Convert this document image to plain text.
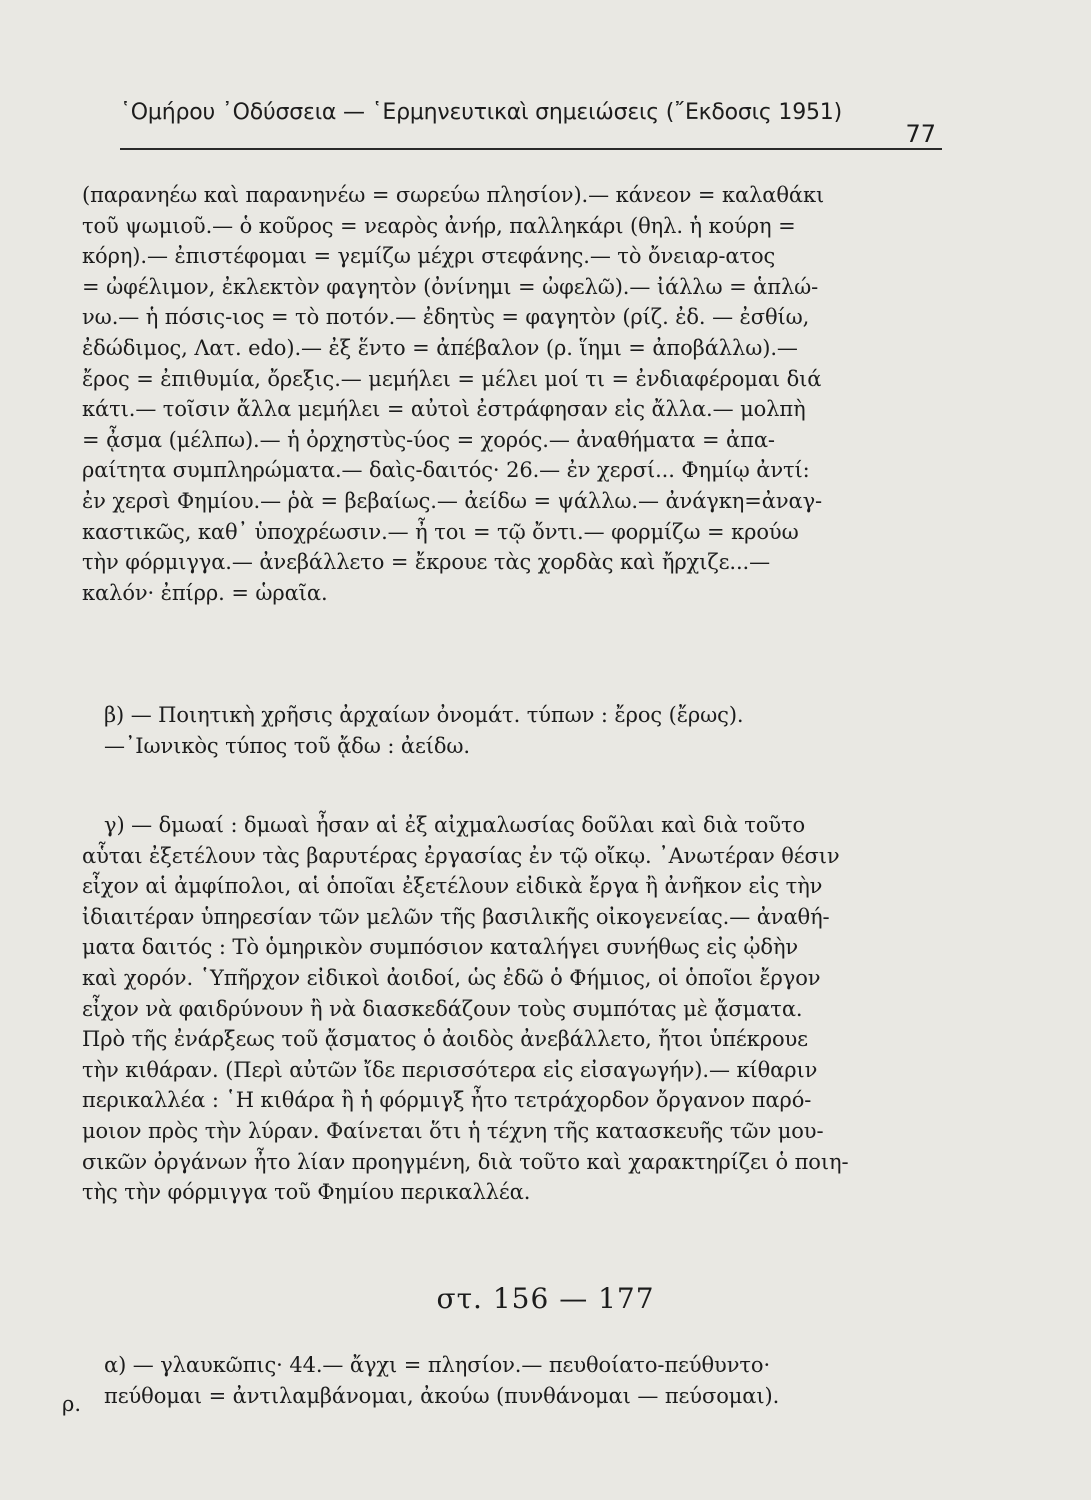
῾Ομήρου ᾿Οδύσσεια — ῾Ερμηνευτικαὶ σημειώσεις (῎Εκδοσις 1951)
77
(παρανηέω καὶ παρανηνέω = σωρεύω πλησίον).— κάνεον = καλαθάκι
τοῦ ψωμιοῦ.— ὁ κοῦρος = νεαρὸς ἀνήρ, παλληκάρι (θηλ. ἡ κούρη =
κόρη).— ἐπιστέφομαι = γεμίζω μέχρι στεφάνης.— τὸ ὄνειαρ-ατος
= ὠφέλιμον, ἐκλεκτὸν φαγητὸν (ὀνίνημι = ὠφελῶ).— ἰάλλω = ἁπλώ-
νω.— ἡ πόσις-ιος = τὸ ποτόν.— ἐδητὺς = φαγητὸν (ρίζ. ἐδ. — ἐσθίω,
ἐδώδιμος, Λατ. edo).— ἐξ ἕντο = ἀπέβαλον (ρ. ἵημι = ἀποβάλλω).—
ἔρος = ἐπιθυμία, ὄρεξις.— μεμήλει = μέλει μοί τι = ἐνδιαφέρομαι διά
κάτι.— τοῖσιν ἄλλα μεμήλει = αὐτοὶ ἐστράφησαν εἰς ἄλλα.— μολπὴ
= ᾆσμα (μέλπω).— ἡ ὀρχηστὺς-ύος = χορός.— ἀναθήματα = ἀπα-
ραίτητα συμπληρώματα.— δαὶς-δαιτός· 26.— ἐν χερσί... Φημίῳ ἀντί:
ἐν χερσὶ Φημίου.— ῥὰ = βεβαίως.— ἀείδω = ψάλλω.— ἀνάγκη=ἀναγ-
καστικῶς, καθ᾿ ὑποχρέωσιν.— ἦ τοι = τῷ ὄντι.— φορμίζω = κρούω
τὴν φόρμιγγα.— ἀνεβάλλετο = ἔκρουε τὰς χορδὰς καὶ ἤρχιζε...—
καλόν· ἐπίρρ. = ὡραῖα.
β) — Ποιητικὴ χρῆσις ἀρχαίων ὀνομάτ. τύπων : ἔρος (ἔρως).
—᾿Ιωνικὸς τύπος τοῦ ᾄδω : ἀείδω.
γ) — δμωαί : δμωαὶ ἦσαν αἱ ἐξ αἰχμαλωσίας δοῦλαι καὶ διὰ τοῦτο
αὗται ἐξετέλουν τὰς βαρυτέρας ἐργασίας ἐν τῷ οἴκῳ. ᾿Ανωτέραν θέσιν
εἶχον αἱ ἀμφίπολοι, αἱ ὁποῖαι ἐξετέλουν εἰδικὰ ἔργα ἢ ἀνῆκον εἰς τὴν
ἰδιαιτέραν ὑπηρεσίαν τῶν μελῶν τῆς βασιλικῆς οἰκογενείας.— ἀναθή-
ματα δαιτός : Τὸ ὁμηρικὸν συμπόσιον καταλήγει συνήθως εἰς ᾠδὴν
καὶ χορόν. ῾Υπῆρχον εἰδικοὶ ἀοιδοί, ὡς ἐδῶ ὁ Φήμιος, οἱ ὁποῖοι ἔργον
εἶχον νὰ φαιδρύνουν ἢ νὰ διασκεδάζουν τοὺς συμπότας μὲ ᾄσματα.
Πρὸ τῆς ἐνάρξεως τοῦ ᾄσματος ὁ ἀοιδὸς ἀνεβάλλετο, ἤτοι ὑπέκρουε
τὴν κιθάραν. (Περὶ αὐτῶν ἴδε περισσότερα εἰς εἰσαγωγήν).— κίθαριν
περικαλλέα : ῾Η κιθάρα ἢ ἡ φόρμιγξ ἦτο τετράχορδον ὄργανον παρό-
μοιον πρὸς τὴν λύραν. Φαίνεται ὅτι ἡ τέχνη τῆς κατασκευῆς τῶν μου-
σικῶν ὀργάνων ἦτο λίαν προηγμένη, διὰ τοῦτο καὶ χαρακτηρίζει ὁ ποιη-
τὴς τὴν φόρμιγγα τοῦ Φημίου περικαλλέα.
στ. 156 — 177
α) — γλαυκῶπις· 44.— ἄγχι = πλησίον.— πευθοίατο-πεύθυντο·
πεύθομαι = ἀντιλαμβάνομαι, ἀκούω (πυνθάνομαι — πεύσομαι).
ρ.
